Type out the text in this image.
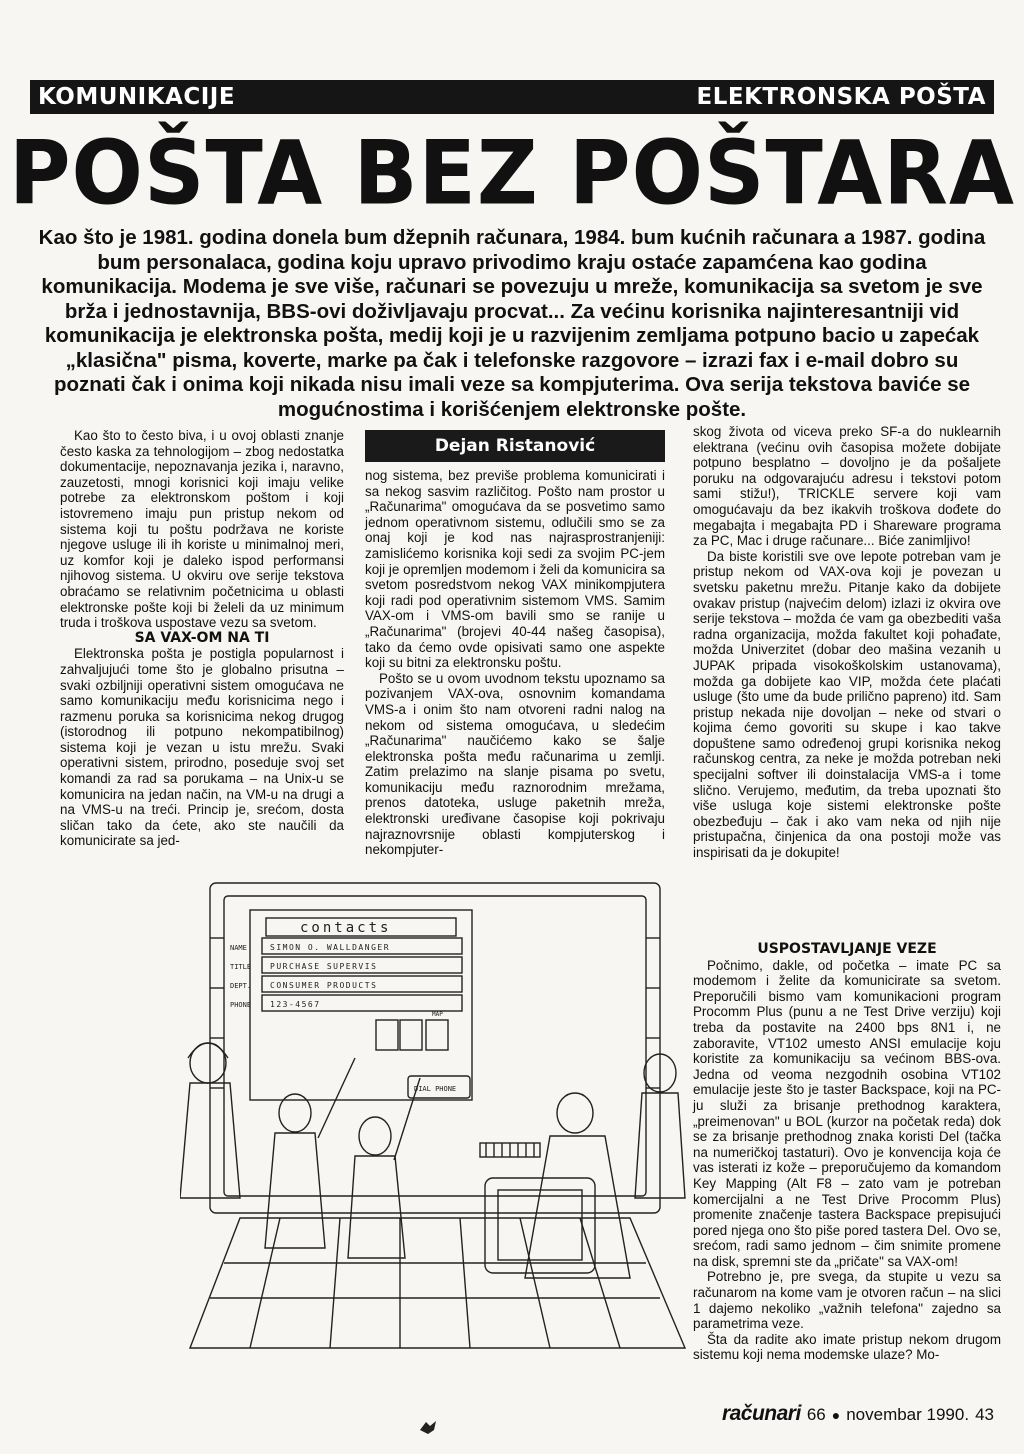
KOMUNIKACIJE	ELEKTRONSKA POŠTA
POŠTA BEZ POŠTARA
Kao što je 1981. godina donela bum džepnih računara, 1984. bum kućnih računara a 1987. godina bum personalaca, godina koju upravo privodimo kraju ostaće zapamćena kao godina komunikacija. Modema je sve više, računari se povezuju u mreže, komunikacija sa svetom je sve brža i jednostavnija, BBS-ovi doživljavaju procvat... Za većinu korisnika najinteresantniji vid komunikacija je elektronska pošta, medij koji je u razvijenim zemljama potpuno bacio u zapećak „klasična" pisma, koverte, marke pa čak i telefonske razgovore – izrazi fax i e-mail dobro su poznati čak i onima koji nikada nisu imali veze sa kompjuterima. Ova serija tekstova baviće se mogućnostima i korišćenjem elektronske pošte.

Kao što to često biva, i u ovoj oblasti znanje često kaska za tehnologijom – zbog nedostatka dokumentacije, nepoznavanja jezika i, naravno, zauzetosti, mnogi korisnici koji imaju velike potrebe za elektronskom poštom i koji istovremeno imaju pun pristup nekom od sistema koji tu poštu podržava ne koriste njegove usluge ili ih koriste u minimalnoj meri, uz komfor koji je daleko ispod performansi njihovog sistema. U okviru ove serije tekstova obraćamo se relativnim početnicima u oblasti elektronske pošte koji bi želeli da uz minimum truda i troškova uspostave vezu sa svetom.

SA VAX-OM NA TI

Elektronska pošta je postigla popularnost i zahvaljujući tome što je globalno prisutna – svaki ozbiljniji operativni sistem omogućava ne samo komunikaciju među korisnicima nego i razmenu poruka sa korisnicima nekog drugog (istorodnog ili potpuno nekompatibilnog) sistema koji je vezan u istu mrežu. Svaki operativni sistem, prirodno, poseduje svoj set komandi za rad sa porukama – na Unix-u se komunicira na jedan način, na VM-u na drugi a na VMS-u na treći. Princip je, srećom, dosta sličan tako da ćete, ako ste naučili da komunicirate sa jed-

Dejan Ristanović

nog sistema, bez previše problema komunicirati i sa nekog sasvim različitog. Pošto nam prostor u „Računarima" omogućava da se posvetimo samo jednom operativnom sistemu, odlučili smo se za onaj koji je kod nas najrasprostranjeniji: zamislićemo korisnika koji sedi za svojim PC-jem koji je opremljen modemom i želi da komunicira sa svetom posredstvom nekog VAX minikompjutera koji radi pod operativnim sistemom VMS. Samim VAX-om i VMS-om bavili smo se ranije u „Računarima" (brojevi 40-44 našeg časopisa), tako da ćemo ovde opisivati samo one aspekte koji su bitni za elektronsku poštu.

Pošto se u ovom uvodnom tekstu upoznamo sa pozivanjem VAX-ova, osnovnim komandama VMS-a i onim što nam otvoreni radni nalog na nekom od sistema omogućava, u sledećim „Računarima" naučićemo kako se šalje elektronska pošta među računarima u zemlji. Zatim prelazimo na slanje pisama po svetu, komunikaciju među raznorodnim mrežama, prenos datoteka, usluge paketnih mreža, elektronski uređivane časopise koji pokrivaju najraznovrsnije oblasti kompjuterskog i nekompjuter-

skog života od viceva preko SF-a do nuklearnih elektrana (većinu ovih časopisa možete dobijate potpuno besplatno – dovoljno je da pošaljete poruku na odgovarajuću adresu i tekstovi potom sami stižu!), TRICKLE servere koji vam omogućavaju da bez ikakvih troškova dođete do megabajta i megabajta PD i Shareware programa za PC, Mac i druge računare... Biće zanimljivo!

Da biste koristili sve ove lepote potreban vam je pristup nekom od VAX-ova koji je povezan u svetsku paketnu mrežu. Pitanje kako da dobijete ovakav pristup (najvećim delom) izlazi iz okvira ove serije tekstova – možda će vam ga obezbediti vaša radna organizacija, možda fakultet koji pohađate, možda Univerzitet (dobar deo mašina vezanih u JUPAK pripada visokoškolskim ustanovama), možda ga dobijete kao VIP, možda ćete plaćati usluge (što ume da bude prilično papreno) itd. Sam pristup nekada nije dovoljan – neke od stvari o kojima ćemo govoriti su skupe i kao takve dopuštene samo određenoj grupi korisnika nekog računskog centra, za neke je možda potreban neki specijalni softver ili doinstalacija VMS-a i tome slično. Verujemo, međutim, da treba upoznati što više usluga koje sistemi elektronske pošte obezbeđuju – čak i ako vam neka od njih nije pristupačna, činjenica da ona postoji može vas inspirisati da je dokupite!

USPOSTAVLJANJE VEZE

Počnimo, dakle, od početka – imate PC sa modemom i želite da komunicirate sa svetom. Preporučili bismo vam komunikacioni program Procomm Plus (punu a ne Test Drive verziju) koji treba da postavite na 2400 bps 8N1 i, ne zaboravite, VT102 umesto ANSI emulacije koju koristite za komunikaciju sa većinom BBS-ova. Jedna od veoma nezgodnih osobina VT102 emulacije jeste što je taster Backspace, koji na PC-ju služi za brisanje prethodnog karaktera, „preimenovan" u BOL (kurzor na početak reda) dok se za brisanje prethodnog znaka koristi Del (tačka na numeričkoj tastaturi). Ovo je konvencija koja će vas isterati iz kože – preporučujemo da komandom Key Mapping (Alt F8 – zato vam je potreban komercijalni a ne Test Drive Procomm Plus) promenite značenje tastera Backspace prepisujući pored njega ono što piše pored tastera Del. Ovo se, srećom, radi samo jednom – čim snimite promene na disk, spremni ste da „pričate" sa VAX-om!

Potrebno je, pre svega, da stupite u vezu sa računarom na kome vam je otvoren račun – na slici 1 dajemo nekoliko „važnih telefona" zajedno sa parametrima veze.

Šta da radite ako imate pristup nekom drugom sistemu koji nema modemske ulaze? Mo-

contacts
NAME	SIMON O. WALLDANGER
TITLE PURCHASE SUPERVIS
DEPT. CONSUMER PRODUCTS
PHONE 123-4567
MAP
DIAL PHONE
računari 66 ● novembar 1990. 43
